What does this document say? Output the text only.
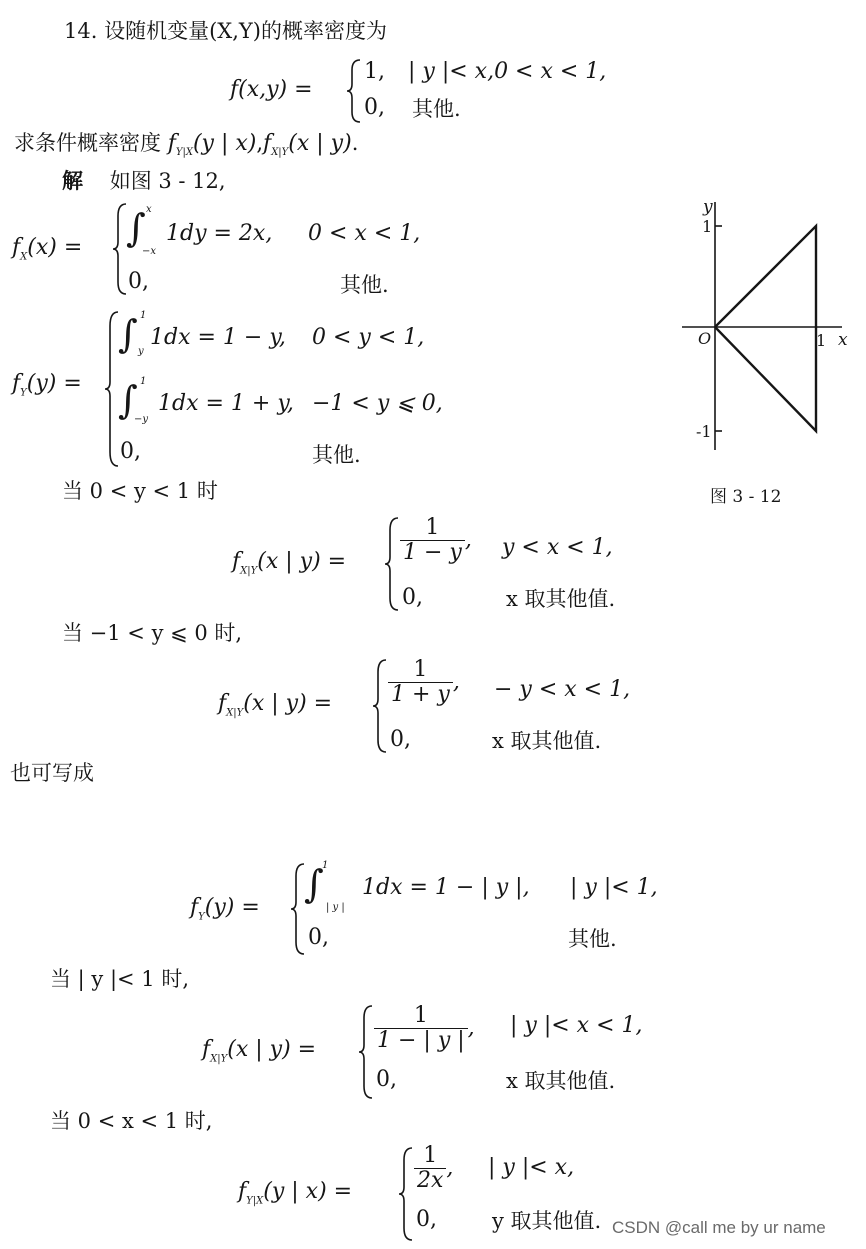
14. 设随机变量(X,Y)的概率密度为
f(x,y) =
1, | y |< x,0 < x < 1,
0, 其他.
求条件概率密度 $f_{Y|X}(y$ | $x),f_{X|Y}(x$ | y).
解 如图 3 - 12,
$f_X(x)$ = ∫ x
−x
1dy = 2x, 0 < x < 1,
0,	其他.
$f_Y(y)$ =
∫ 1
y
1dx = 1 − y, 0 < y < 1,
∫ 1
−y
1dx = 1 + y, −1 < y ⩽ 0,
0,	其他.
y
x
O
1
-1
1
图 3 - 12
当 0 < y < 1 时
$f_{X|Y}(x$ | $y) = \frac{1}{1 - y}$ , y < x < 1,
0,	x 取其他值.
当 −1 < y ⩽ 0 时,
$f_{X|Y}(x$ | y) =	$\frac{1}{1 + y}$ , − y < x < 1,
0,	x 取其他值.
也可写成
$f_Y(y)$ =
∫
1
| y |
1dx = 1 − | y |, | y |< 1,
0,	其他.
当 | y |< 1 时,
$f_{X|Y}(x$ | y) =	$\frac{1}{1 - | y |}$ , | y |< x < 1,
0,	x 取其他值.
当 0 < x < 1 时,
$f_{Y|X}(y$ | x) =	$\frac{1}{2x}$ , | y |< x,
0,	y 取其他值. CSDN @call me by ur name
